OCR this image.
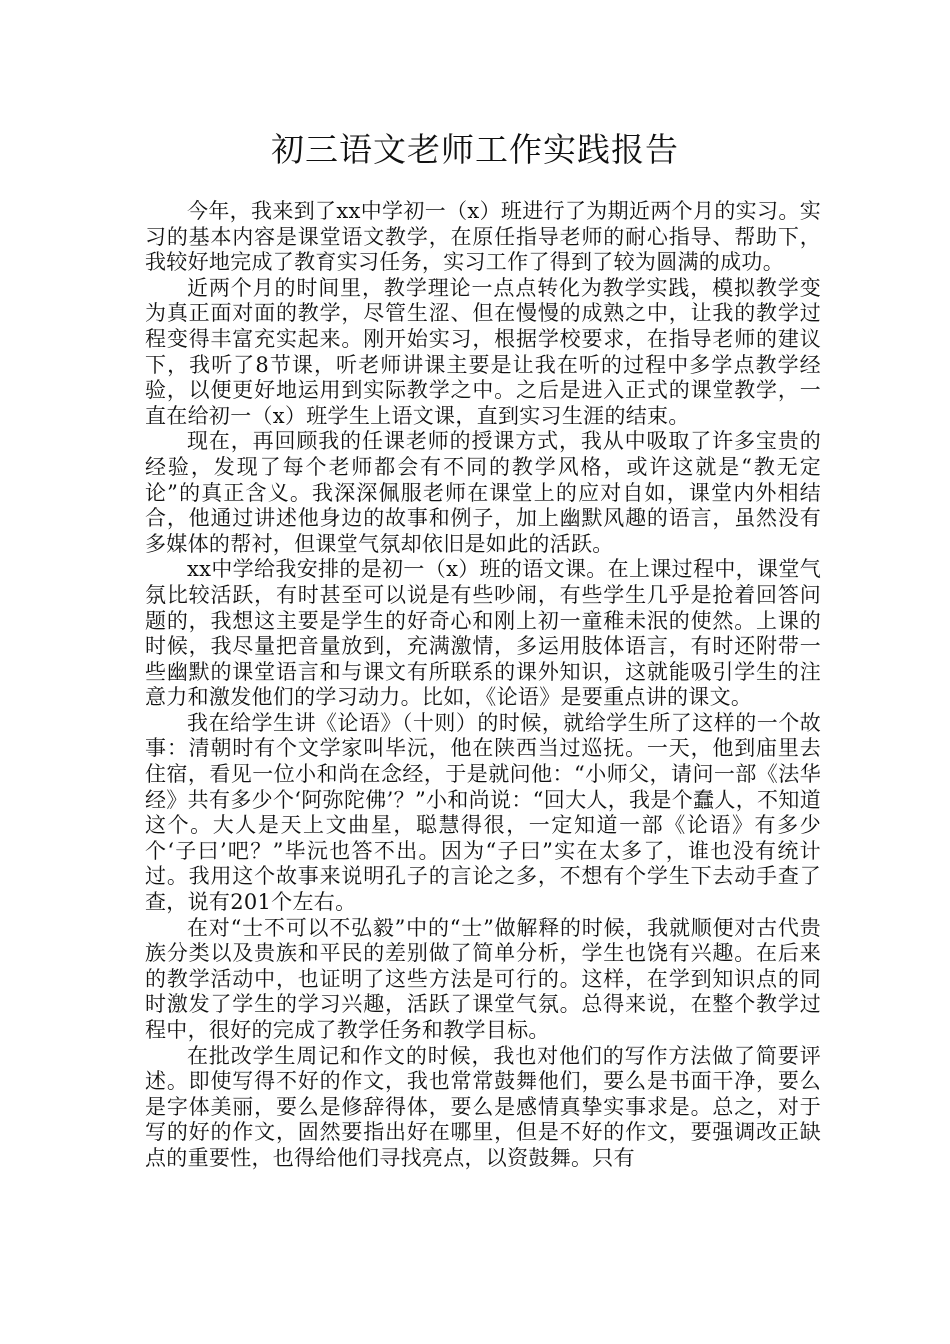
初三语文老师工作实践报告

今年，我来到了xx中学初一（x）班进行了为期近两个月的实习。实习的基本内容是课堂语文教学，在原任指导老师的耐心指导、帮助下，我较好地完成了教育实习任务，实习工作了得到了较为圆满的成功。

近两个月的时间里，教学理论一点点转化为教学实践，模拟教学变为真正面对面的教学，尽管生涩、但在慢慢的成熟之中，让我的教学过程变得丰富充实起来。刚开始实习，根据学校要求，在指导老师的建议下，我听了8节课，听老师讲课主要是让我在听的过程中多学点教学经验，以便更好地运用到实际教学之中。之后是进入正式的课堂教学，一直在给初一（x）班学生上语文课，直到实习生涯的结束。

现在，再回顾我的任课老师的授课方式，我从中吸取了许多宝贵的经验，发现了每个老师都会有不同的教学风格，或许这就是“教无定论”的真正含义。我深深佩服老师在课堂上的应对自如，课堂内外相结合，他通过讲述他身边的故事和例子，加上幽默风趣的语言，虽然没有多媒体的帮衬，但课堂气氛却依旧是如此的活跃。

xx中学给我安排的是初一（x）班的语文课。在上课过程中，课堂气氛比较活跃，有时甚至可以说是有些吵闹，有些学生几乎是抢着回答问题的，我想这主要是学生的好奇心和刚上初一童稚未泯的使然。上课的时候，我尽量把音量放到，充满激情，多运用肢体语言，有时还附带一些幽默的课堂语言和与课文有所联系的课外知识，这就能吸引学生的注意力和激发他们的学习动力。比如，《论语》是要重点讲的课文。

我在给学生讲《论语》（十则）的时候，就给学生所了这样的一个故事：清朝时有个文学家叫毕沅，他在陕西当过巡抚。一天，他到庙里去住宿，看见一位小和尚在念经，于是就问他：“小师父，请问一部《法华经》共有多少个‘阿弥陀佛’？”小和尚说：“回大人，我是个蠢人，不知道这个。大人是天上文曲星，聪慧得很，一定知道一部《论语》有多少个‘子曰’吧？”毕沅也答不出。因为“子曰”实在太多了，谁也没有统计过。我用这个故事来说明孔子的言论之多，不想有个学生下去动手查了查，说有201个左右。

在对“士不可以不弘毅”中的“士”做解释的时候，我就顺便对古代贵族分类以及贵族和平民的差别做了简单分析，学生也饶有兴趣。在后来的教学活动中，也证明了这些方法是可行的。这样，在学到知识点的同时激发了学生的学习兴趣，活跃了课堂气氛。总得来说，在整个教学过程中，很好的完成了教学任务和教学目标。

在批改学生周记和作文的时候，我也对他们的写作方法做了简要评述。即使写得不好的作文，我也常常鼓舞他们，要么是书面干净，要么是字体美丽，要么是修辞得体，要么是感情真挚实事求是。总之，对于写的好的作文，固然要指出好在哪里，但是不好的作文，要强调改正缺点的重要性，也得给他们寻找亮点，以资鼓舞。只有
